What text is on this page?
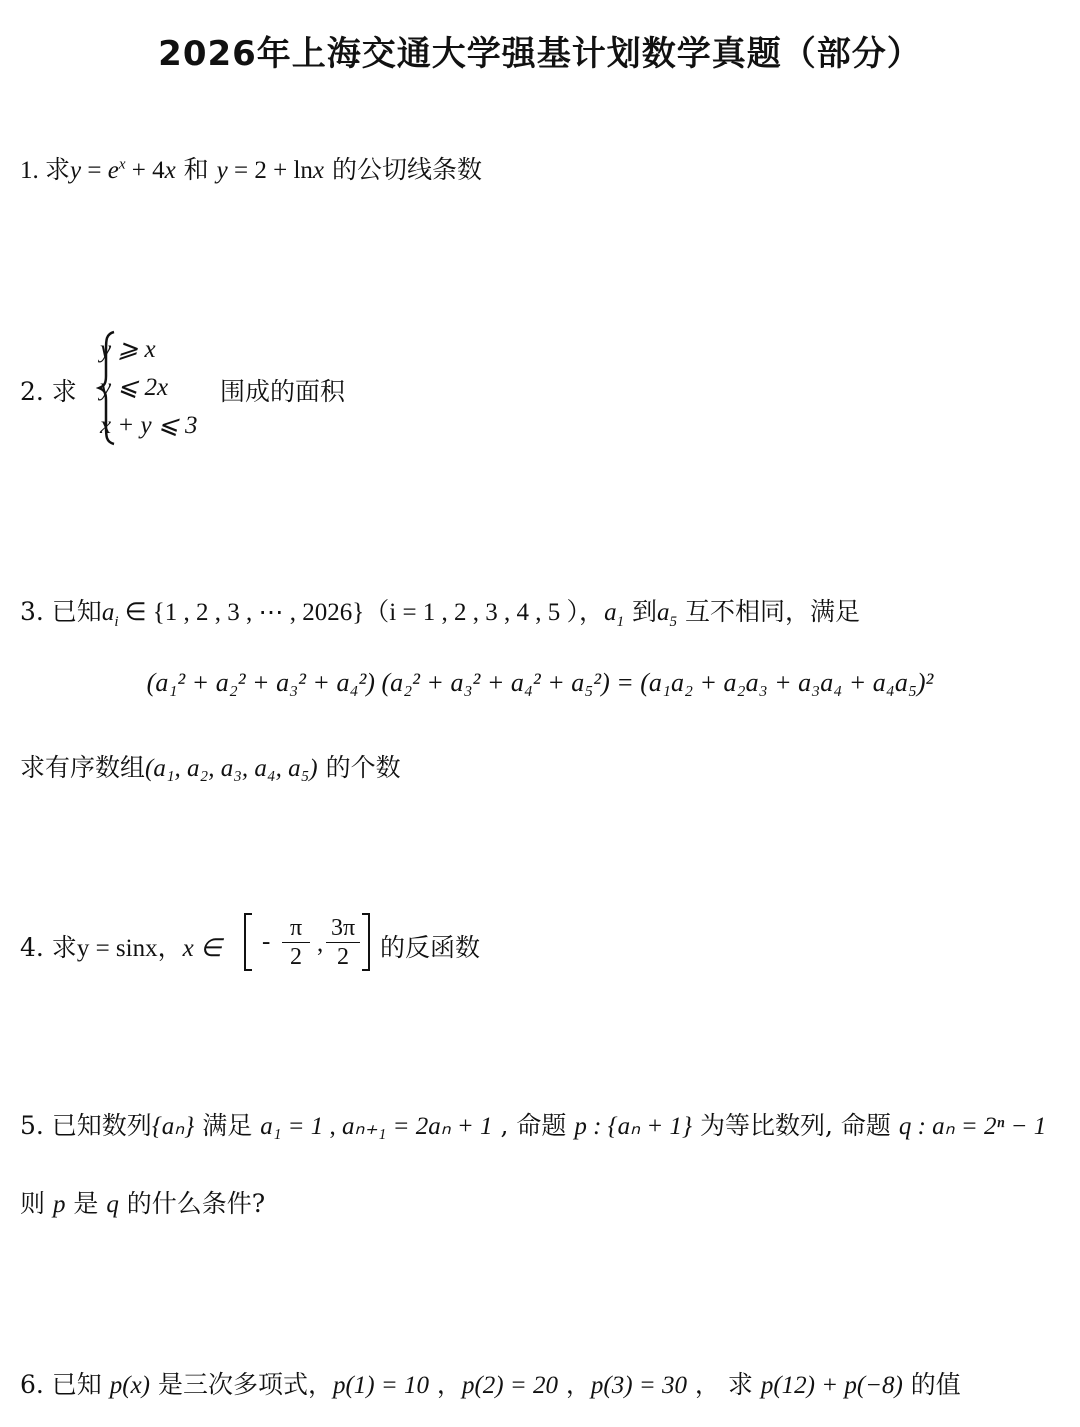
2026年上海交通大学强基计划数学真题（部分）
1. 求$y = e^x + 4x$ 和 y = 2 + lnx 的公切线条数
2. 求
y ⩾ x
y ⩽ 2x
x + y ⩽ 3
围成的面积
3. 已知$a_i$ ∈ {1 , 2 , 3 , ⋯ , 2026}（i = 1 , 2 , 3 , 4 , 5 ），$a_1$ 到$a_5$ 互不相同，满足
(a₁² + a₂² + a₃² + a₄²) (a₂² + a₃² + a₄² + a₅²) = (a₁a₂ + a₂a₃ + a₃a₄ + a₄a₅)²
求有序数组(a₁, a₂, a₃, a₄, a₅) 的个数
4. 求y = sinx，x ∈ - π
2 ,
3π
2	的反函数
5. 已知数列{aₙ} 满足 a₁ = 1 , aₙ₊₁ = 2aₙ + 1 , 命题 p : {aₙ + 1} 为等比数列, 命题 q : aₙ = 2ⁿ − 1
则 p 是 q 的什么条件?
6. 已知 p(x) 是三次多项式，p(1) = 10 ，p(2) = 20 ，p(3) = 30 ， 求 p(12) + p(−8) 的值
